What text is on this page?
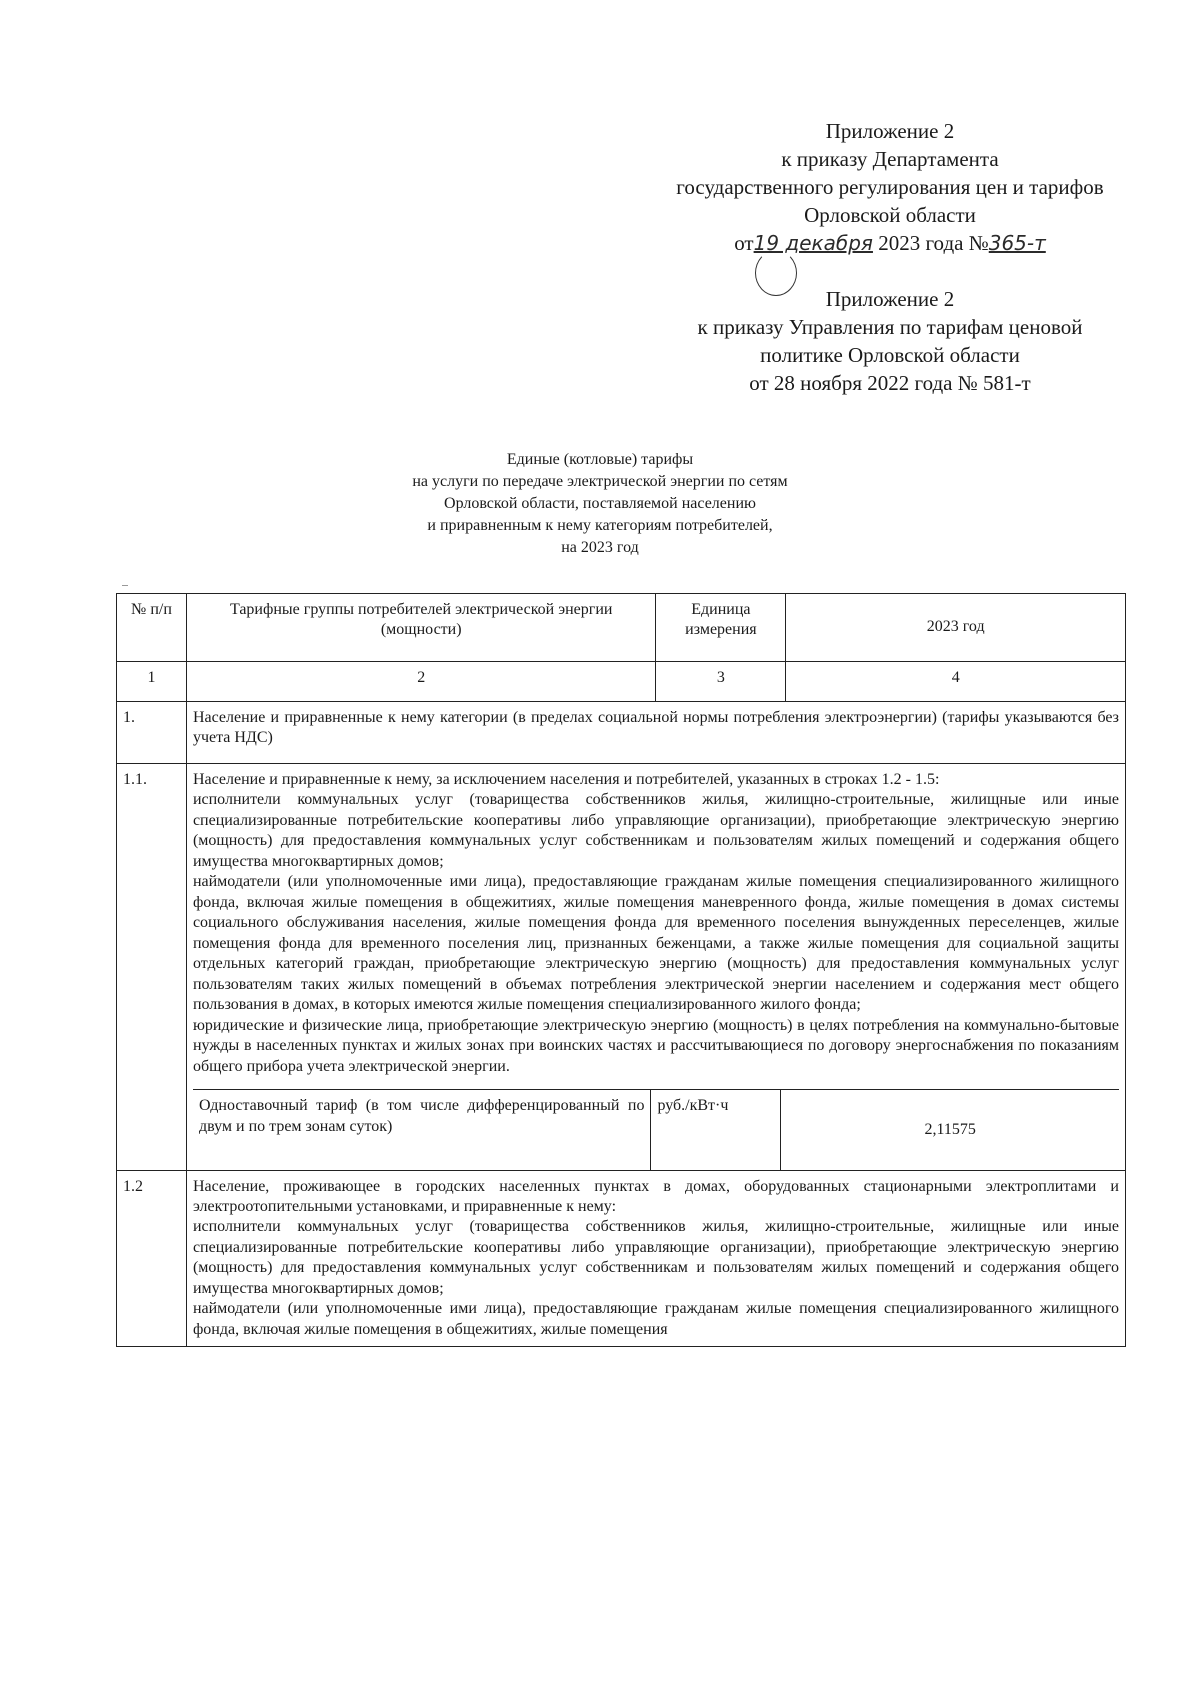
Приложение 2
к приказу Департамента
государственного регулирования цен и тарифов
Орловской области
от19 декабря 2023 года №365-т
Приложение 2
к приказу Управления по тарифам ценовой
политике Орловской области
от 28 ноября 2022 года № 581-т
Единые (котловые) тарифы
на услуги по передаче электрической энергии по сетям
Орловской области, поставляемой населению
и приравненным к нему категориям потребителей,
на 2023 год
№ п/п	Тарифные группы потребителей электрической энергии (мощности)	Единица измерения	2023 год
1	2	3	4
1.	Население и приравненные к нему категории (в пределах социальной нормы потребления электроэнергии) (тарифы указываются без учета НДС)
1.1.	Население и приравненные к нему, за исключением населения и потребителей, указанных в строках 1.2 - 1.5:
исполнители коммунальных услуг (товарищества собственников жилья, жилищно-строительные, жилищные или иные специализированные потребительские кооперативы либо управляющие организации), приобретающие электрическую энергию (мощность) для предоставления коммунальных услуг собственникам и пользователям жилых помещений и содержания общего имущества многоквартирных домов;
наймодатели (или уполномоченные ими лица), предоставляющие гражданам жилые помещения специализированного жилищного фонда, включая жилые помещения в общежитиях, жилые помещения маневренного фонда, жилые помещения в домах системы социального обслуживания населения, жилые помещения фонда для временного поселения вынужденных переселенцев, жилые помещения фонда для временного поселения лиц, признанных беженцами, а также жилые помещения для социальной защиты отдельных категорий граждан, приобретающие электрическую энергию (мощность) для предоставления коммунальных услуг пользователям таких жилых помещений в объемах потребления электрической энергии населением и содержания мест общего пользования в домах, в которых имеются жилые помещения специализированного жилого фонда;
юридические и физические лица, приобретающие электрическую энергию (мощность) в целях потребления на коммунально-бытовые нужды в населенных пунктах и жилых зонах при воинских частях и рассчитывающиеся по договору энергоснабжения по показаниям общего прибора учета электрической энергии.
Одноставочный тариф (в том числе дифференцированный по двум и по трем зонам суток)	руб./кВт·ч	2,11575

1.2	Население, проживающее в городских населенных пунктах в домах, оборудованных стационарными электроплитами и электроотопительными установками, и приравненные к нему:
исполнители коммунальных услуг (товарищества собственников жилья, жилищно-строительные, жилищные или иные специализированные потребительские кооперативы либо управляющие организации), приобретающие электрическую энергию (мощность) для предоставления коммунальных услуг собственникам и пользователям жилых помещений и содержания общего имущества многоквартирных домов;
наймодатели (или уполномоченные ими лица), предоставляющие гражданам жилые помещения специализированного жилищного фонда, включая жилые помещения в общежитиях, жилые помещения
